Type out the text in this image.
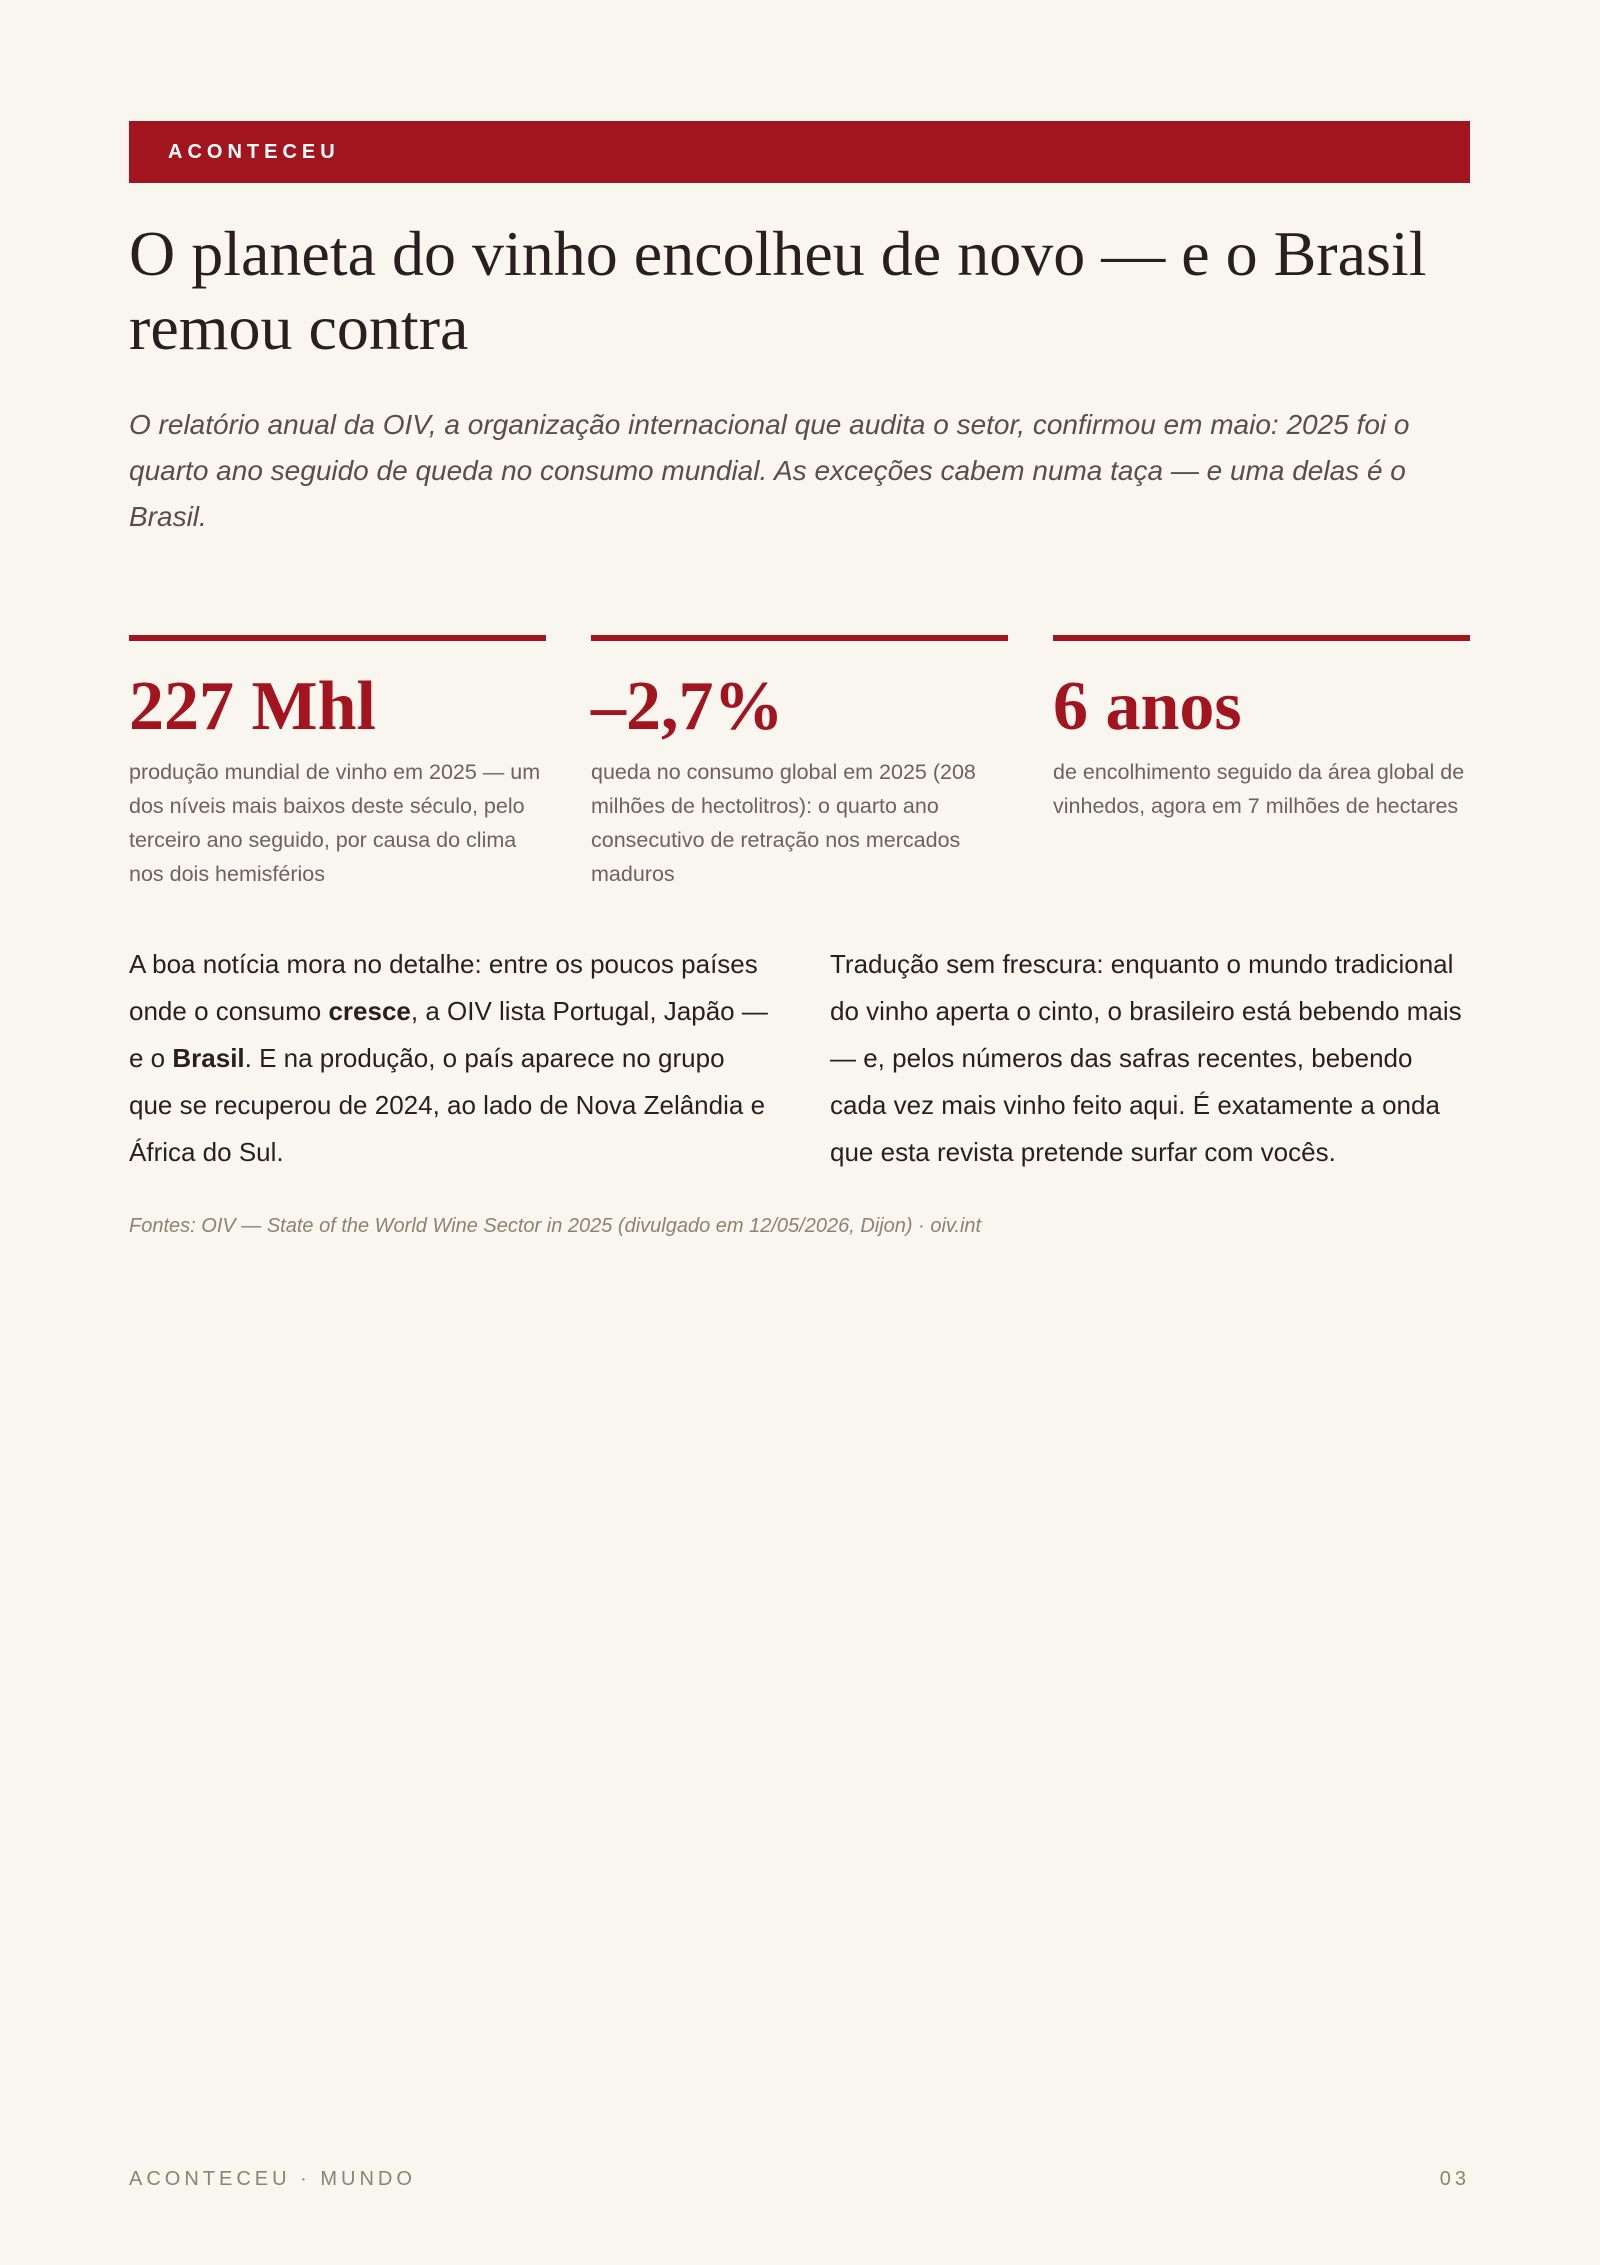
ACONTECEU
O planeta do vinho encolheu de novo — e o Brasil remou contra

O relatório anual da OIV, a organização internacional que audita o setor, confirmou em maio: 2025 foi o quarto ano seguido de queda no consumo mundial. As exceções cabem numa taça — e uma delas é o Brasil.

227 Mhl
produção mundial de vinho em 2025 — um dos níveis mais baixos deste século, pelo terceiro ano seguido, por causa do clima nos dois hemisférios
–2,7%
queda no consumo global em 2025 (208 milhões de hectolitros): o quarto ano consecutivo de retração nos mercados maduros
6 anos
de encolhimento seguido da área global de vinhedos, agora em 7 milhões de hectares

A boa notícia mora no detalhe: entre os poucos países onde o consumo cresce, a OIV lista Portugal, Japão — e o Brasil. E na produção, o país aparece no grupo que se recuperou de 2024, ao lado de Nova Zelândia e África do Sul.

Tradução sem frescura: enquanto o mundo tradicional do vinho aperta o cinto, o brasileiro está bebendo mais — e, pelos números das safras recentes, bebendo cada vez mais vinho feito aqui. É exatamente a onda que esta revista pretende surfar com vocês.

Fontes: OIV — State of the World Wine Sector in 2025 (divulgado em 12/05/2026, Dijon) · oiv.int

ACONTECEU · MUNDO	03
